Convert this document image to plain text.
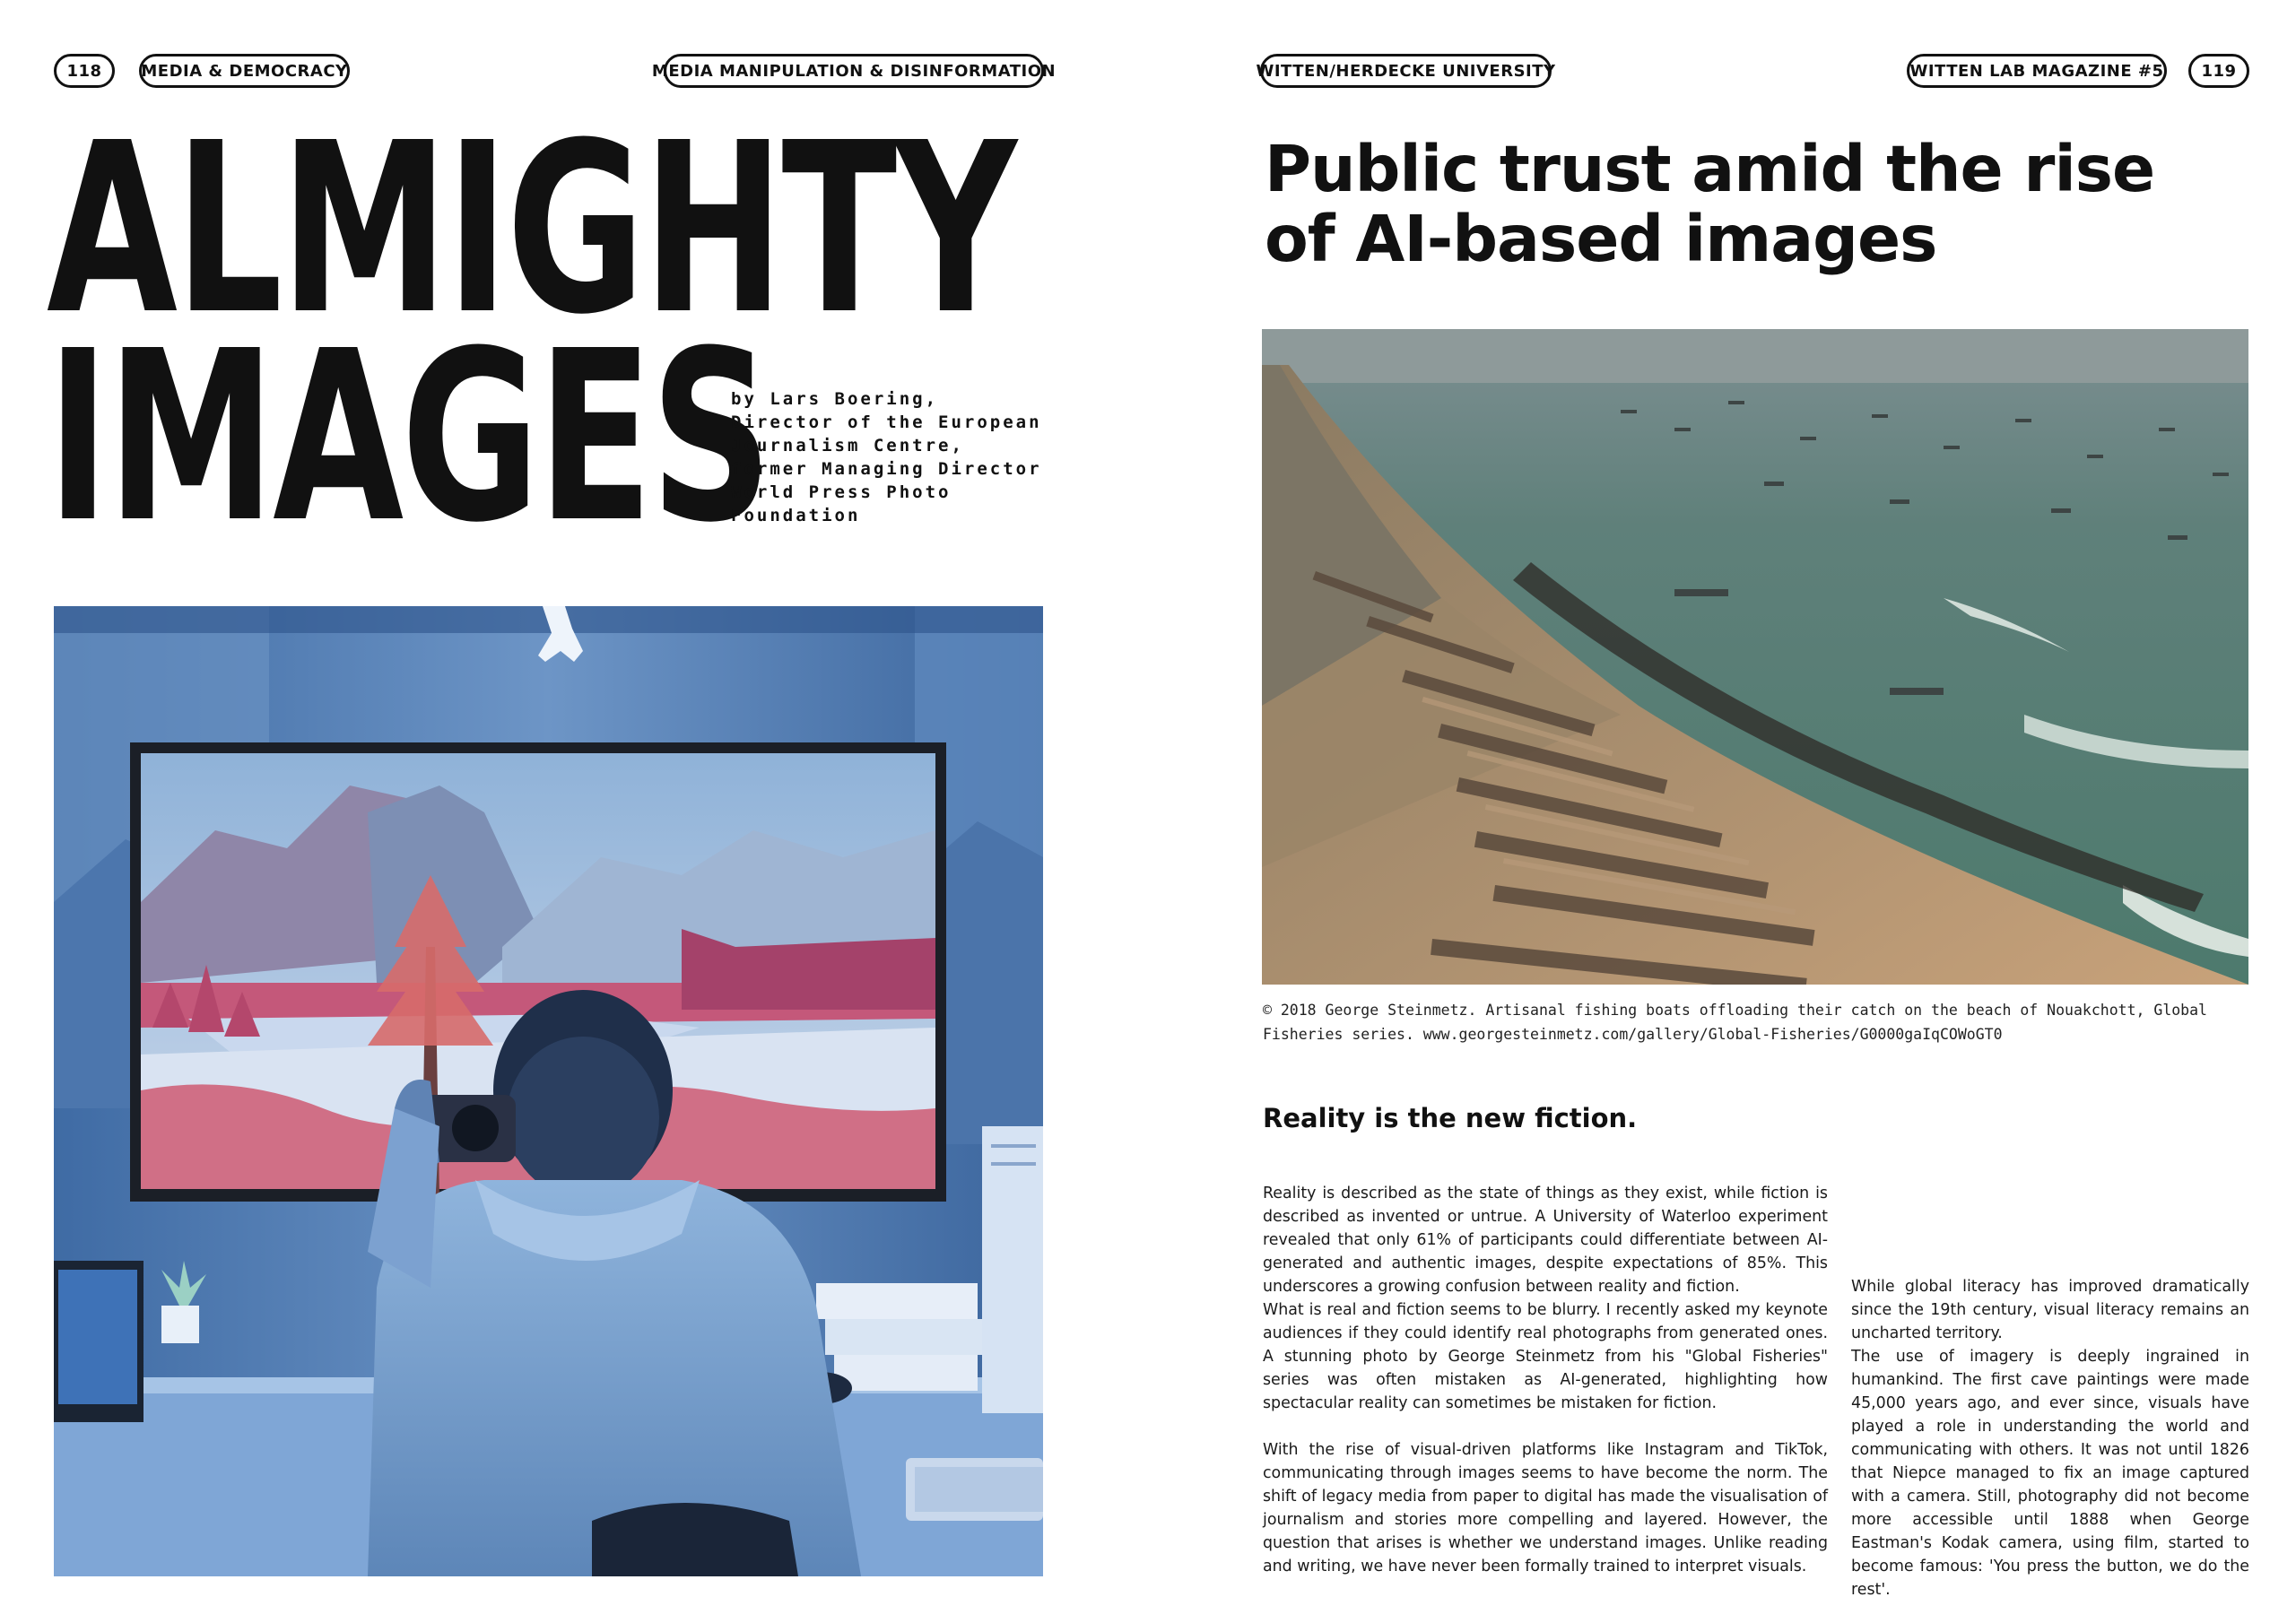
118	MEDIA & DEMOCRACY	MEDIA MANIPULATION & DISINFORMATION	WITTEN/HERDECKE UNIVERSITY	WITTEN LAB MAGAZINE #5	119
ALMIGHTY
IMAGES
by Lars Boering,
Director of the European
Journalism Centre,
former Managing Director
World Press Photo
Foundation
Public trust amid the rise
of AI-based images
© 2018 George Steinmetz. Artisanal fishing boats offloading their catch on the beach of Nouakchott, Global
Fisheries series. www.georgesteinmetz.com/gallery/Global-Fisheries/G0000gaIqCOWoGT0
Reality is the new fiction.

Reality is described as the state of things as they exist, while fiction is described as invented or untrue. A University of Waterloo experiment revealed that only 61% of participants could differentiate between AI-generated and authentic images, despite expectations of 85%. This underscores a growing confusion between reality and fiction.

What is real and fiction seems to be blurry. I recently asked my keynote audiences if they could identify real photographs from generated ones. A stunning photo by George Steinmetz from his "Global Fisheries" series was often mistaken as AI-generated, highlighting how spectacular reality can sometimes be mistaken for fiction.

With the rise of visual-driven platforms like Instagram and TikTok, communicating through images seems to have become the norm. The shift of legacy media from paper to digital has made the visualisation of journalism and stories more compelling and layered. However, the question that arises is whether we understand images. Unlike reading and writing, we have never been formally trained to interpret visuals.

While global literacy has improved dramatically since the 19th century, visual literacy remains an uncharted territory.

The use of imagery is deeply ingrained in humankind. The first cave paintings were made 45,000 years ago, and ever since, visuals have played a role in understanding the world and communicating with others. It was not until 1826 that Niepce managed to fix an image captured with a camera. Still, photography did not become more accessible until 1888 when George Eastman's Kodak camera, using film, started to become famous: 'You press the button, we do the rest'.
